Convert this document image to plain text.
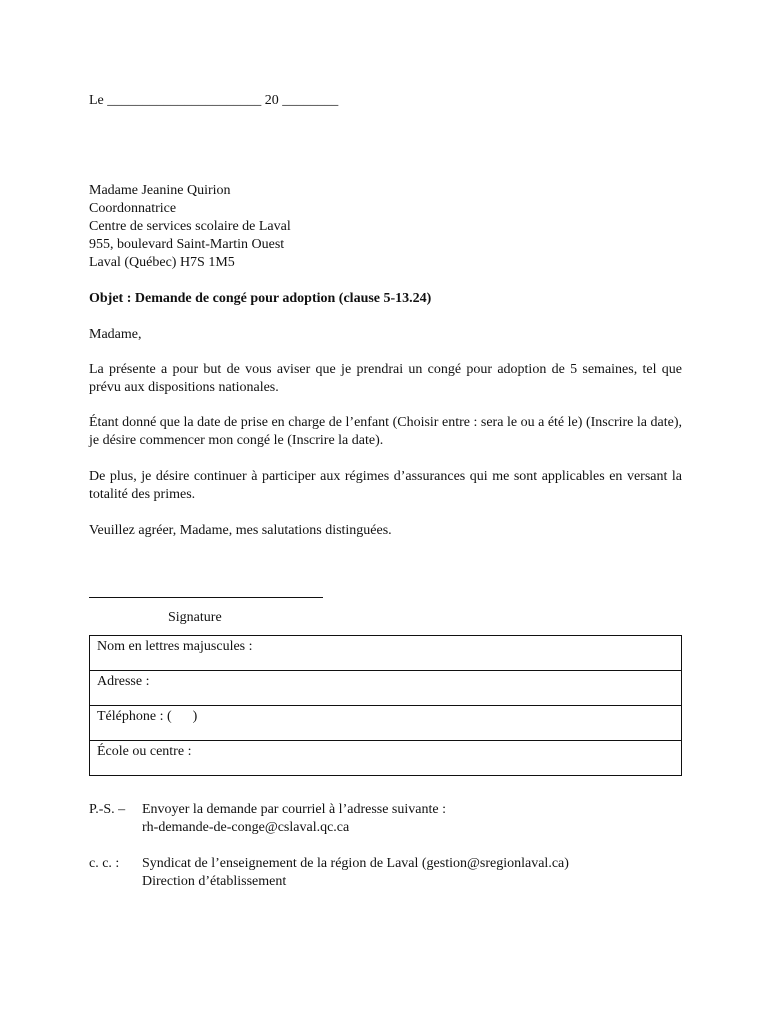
Le ______________________ 20 ________

Madame Jeanine Quirion

Coordonnatrice

Centre de services scolaire de Laval

955, boulevard Saint-Martin Ouest

Laval (Québec) H7S 1M5

Objet : Demande de congé pour adoption (clause 5-13.24)

Madame,

La présente a pour but de vous aviser que je prendrai un congé pour adoption de 5 semaines, tel que prévu aux dispositions nationales.

Étant donné que la date de prise en charge de l’enfant (Choisir entre : sera le ou a été le) (Inscrire la date), je désire commencer mon congé le (Inscrire la date).

De plus, je désire continuer à participer aux régimes d’assurances qui me sont applicables en versant la totalité des primes.

Veuillez agréer, Madame, mes salutations distinguées.

Signature
Nom en lettres majuscules :
Adresse :
Téléphone : (      )
École ou centre :
P.-S. – Envoyer la demande par courriel à l’adresse suivante :
rh-demande-de-conge@cslaval.qc.ca
c. c. : Syndicat de l’enseignement de la région de Laval (gestion@sregionlaval.ca)
Direction d’établissement
